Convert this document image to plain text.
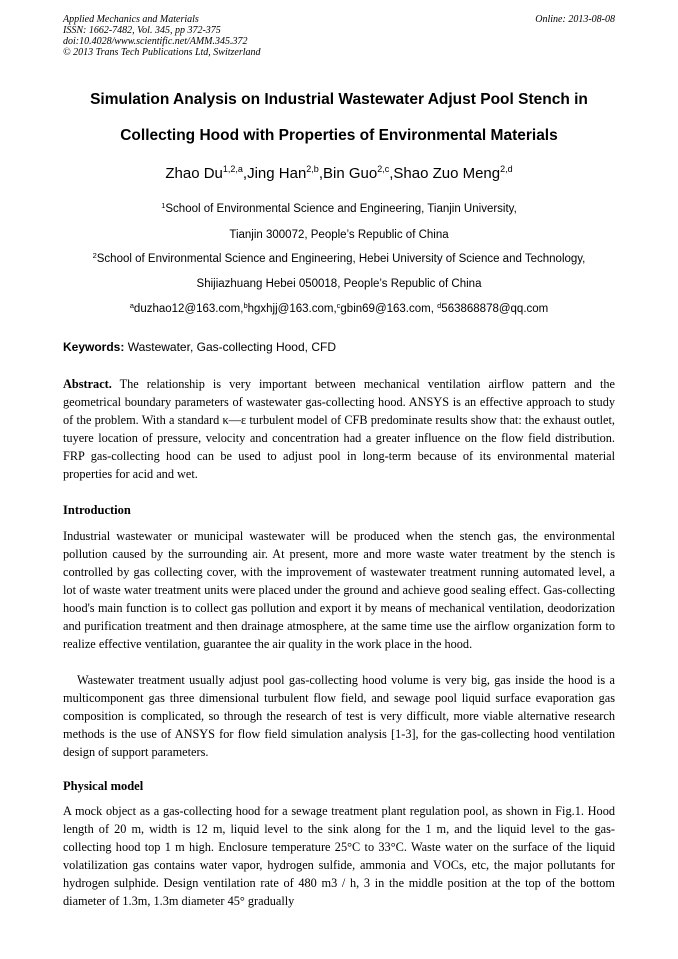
Applied Mechanics and Materials
ISSN: 1662-7482, Vol. 345, pp 372-375
doi:10.4028/www.scientific.net/AMM.345.372
© 2013 Trans Tech Publications Ltd, Switzerland
Online: 2013-08-08
Simulation Analysis on Industrial Wastewater Adjust Pool Stench in
Collecting Hood with Properties of Environmental Materials
Zhao Du$^{1,2,a}$,Jing Han$^{2,b}$,Bin Guo$^{2,c}$,Shao Zuo Meng$^{2,d}$
$^1$School of Environmental Science and Engineering, Tianjin University,
Tianjin 300072, People’s Republic of China
$^2$School of Environmental Science and Engineering, Hebei University of Science and Technology,
Shijiazhuang Hebei 050018, People’s Republic of China
$^a$duzhao12@163.com,$^b$hgxhjj@163.com,$^c$gbin69@163.com, $^d$563868878@qq.com
Keywords: Wastewater, Gas-collecting Hood, CFD
Abstract. The relationship is very important between mechanical ventilation airflow pattern and the geometrical boundary parameters of wastewater gas-collecting hood. ANSYS is an effective approach to study of the problem. With a standard κ—ε turbulent model of CFB predominate results show that: the exhaust outlet, tuyere location of pressure, velocity and concentration had a greater influence on the flow field distribution. FRP gas-collecting hood can be used to adjust pool in long-term because of its environmental material properties for acid and wet.
Introduction
Industrial wastewater or municipal wastewater will be produced when the stench gas, the environmental pollution caused by the surrounding air. At present, more and more waste water treatment by the stench is controlled by gas collecting cover, with the improvement of wastewater treatment running automated level, a lot of waste water treatment units were placed under the ground and achieve good sealing effect. Gas-collecting hood's main function is to collect gas pollution and export it by means of mechanical ventilation, deodorization and purification treatment and then drainage atmosphere, at the same time use the airflow organization form to realize effective ventilation, guarantee the air quality in the work place in the hood.
Wastewater treatment usually adjust pool gas-collecting hood volume is very big, gas inside the hood is a multicomponent gas three dimensional turbulent flow field, and sewage pool liquid surface evaporation gas composition is complicated, so through the research of test is very difficult, more viable alternative research methods is the use of ANSYS for flow field simulation analysis [1-3], for the gas-collecting hood ventilation design of support parameters.
Physical model
A mock object as a gas-collecting hood for a sewage treatment plant regulation pool, as shown in Fig.1. Hood length of 20 m, width is 12 m, liquid level to the sink along for the 1 m, and the liquid level to the gas-collecting hood top 1 m high. Enclosure temperature 25°C to 33°C. Waste water on the surface of the liquid volatilization gas contains water vapor, hydrogen sulfide, ammonia and VOCs, etc, the major pollutants for hydrogen sulphide. Design ventilation rate of 480 m3 / h, 3 in the middle position at the top of the bottom diameter of 1.3m, 1.3m diameter 45° gradually
